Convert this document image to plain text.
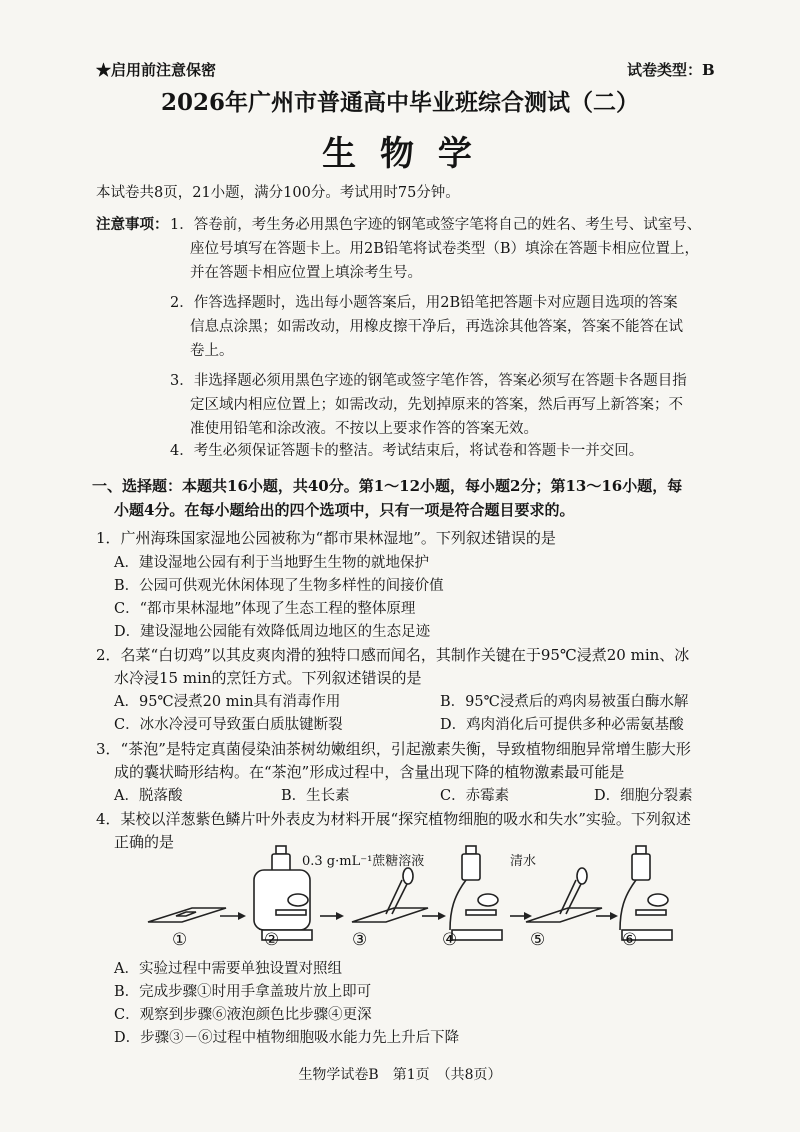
★启用前注意保密	试卷类型：B
2026年广州市普通高中毕业班综合测试（二）
生 物 学
本试卷共8页，21小题，满分100分。考试用时75分钟。
注意事项： 1．答卷前，考生务必用黑色字迹的钢笔或签字笔将自己的姓名、考生号、试室号、
座位号填写在答题卡上。用2B铅笔将试卷类型（B）填涂在答题卡相应位置上，
并在答题卡相应位置上填涂考生号。
2．作答选择题时，选出每小题答案后，用2B铅笔把答题卡对应题目选项的答案
信息点涂黑；如需改动，用橡皮擦干净后，再选涂其他答案，答案不能答在试
卷上。
3．非选择题必须用黑色字迹的钢笔或签字笔作答，答案必须写在答题卡各题目指
定区域内相应位置上；如需改动，先划掉原来的答案，然后再写上新答案；不
准使用铅笔和涂改液。不按以上要求作答的答案无效。
4．考生必须保证答题卡的整洁。考试结束后，将试卷和答题卡一并交回。
一、选择题：本题共16小题，共40分。第1～12小题，每小题2分；第13～16小题，每
小题4分。在每小题给出的四个选项中，只有一项是符合题目要求的。
1．广州海珠国家湿地公园被称为“都市果林湿地”。下列叙述错误的是
A．建设湿地公园有利于当地野生生物的就地保护
B．公园可供观光休闲体现了生物多样性的间接价值
C．“都市果林湿地”体现了生态工程的整体原理
D．建设湿地公园能有效降低周边地区的生态足迹
2．名菜“白切鸡”以其皮爽肉滑的独特口感而闻名，其制作关键在于95℃浸煮20 min、冰
水冷浸15 min的烹饪方式。下列叙述错误的是
A．95℃浸煮20 min具有消毒作用	B．95℃浸煮后的鸡肉易被蛋白酶水解
C．冰水冷浸可导致蛋白质肽键断裂	D．鸡肉消化后可提供多种必需氨基酸
3．“茶泡”是特定真菌侵染油茶树幼嫩组织，引起激素失衡，导致植物细胞异常增生膨大形
成的囊状畸形结构。在“茶泡”形成过程中，含量出现下降的植物激素最可能是
A．脱落酸	B．生长素	C．赤霉素	D．细胞分裂素
4．某校以洋葱紫色鳞片叶外表皮为材料开展“探究植物细胞的吸水和失水”实验。下列叙述
正确的是
0.3 g·mL⁻¹蔗糖溶液	清水
①	②	③	④	⑤	⑥
A．实验过程中需要单独设置对照组
B．完成步骤①时用手拿盖玻片放上即可
C．观察到步骤⑥液泡颜色比步骤④更深
D．步骤③－⑥过程中植物细胞吸水能力先上升后下降
生物学试卷B　第1页　（共8页）
